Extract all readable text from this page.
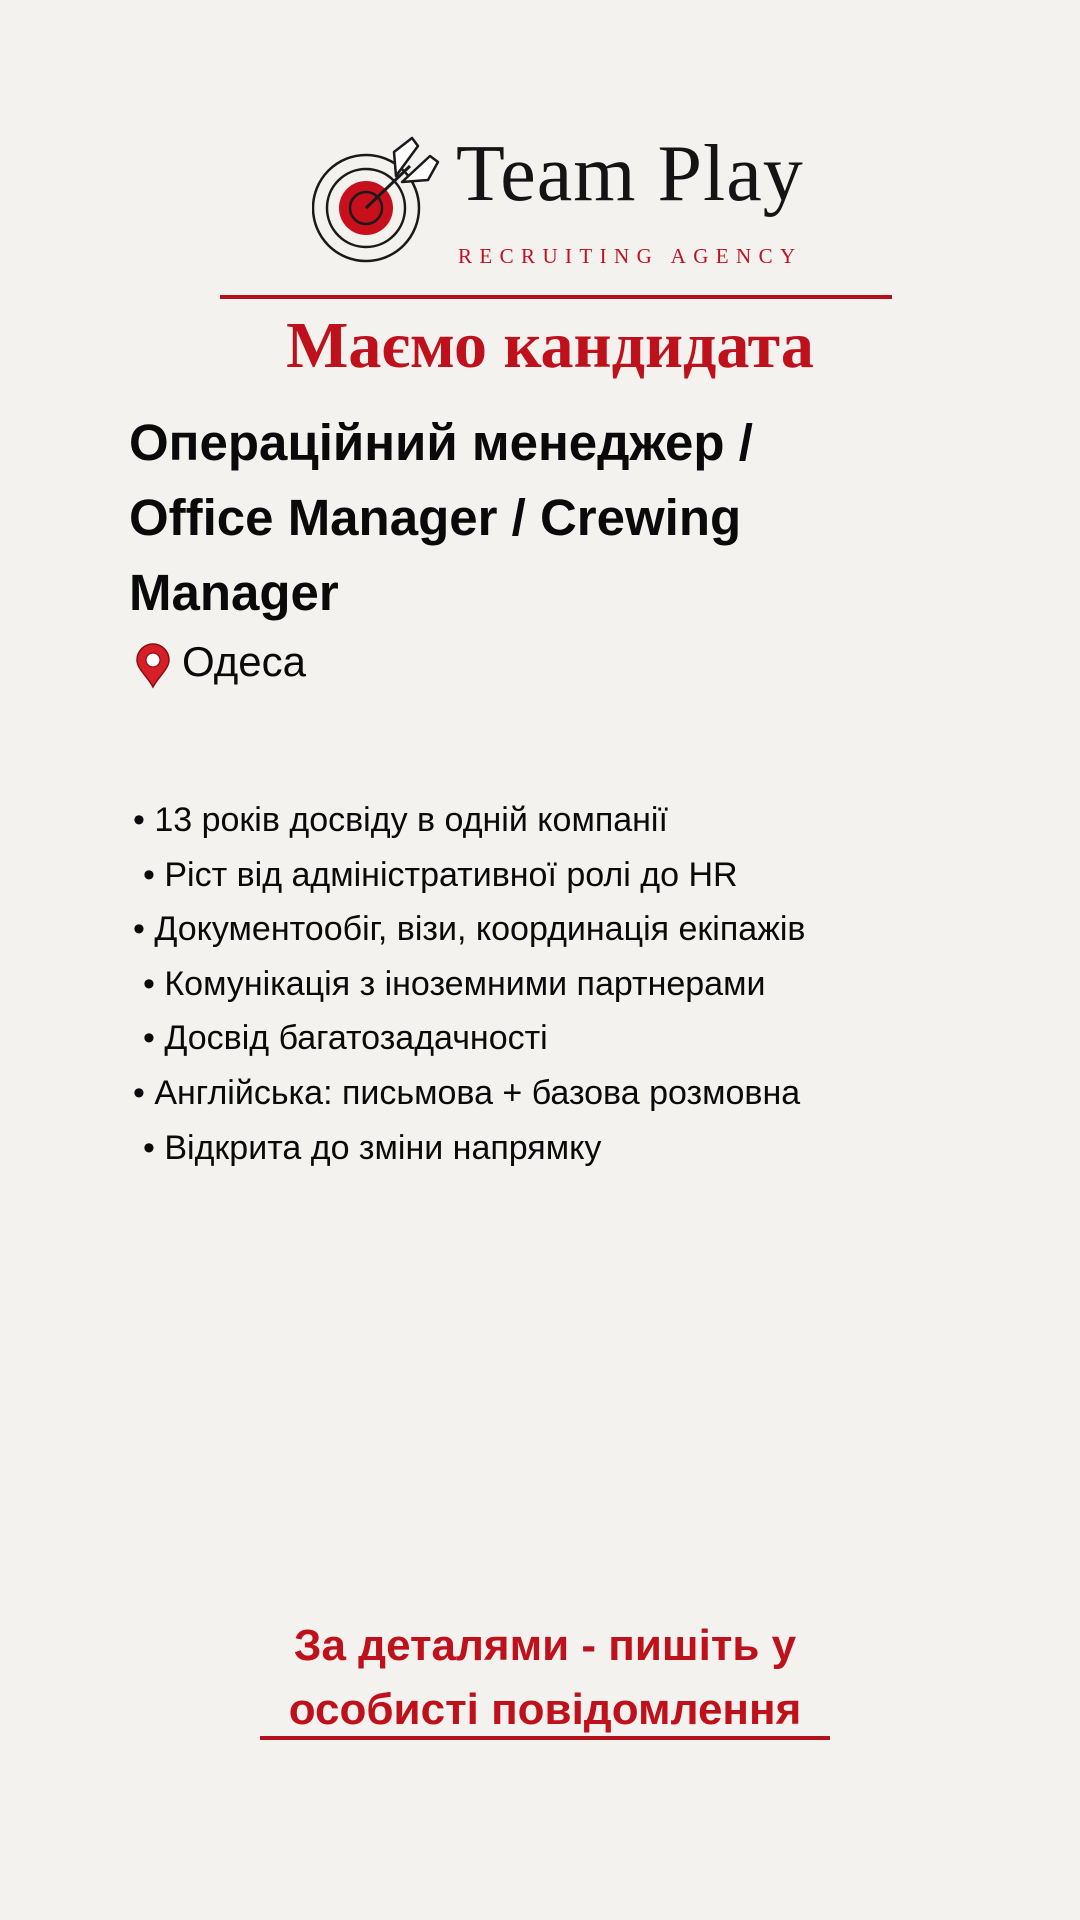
Team Play
RECRUITING AGENCY
Маємо кандидата
Операційний менеджер / Office Manager / Crewing Manager
Одеса
• 13 років досвіду в одній компанії
• Ріст від адміністративної ролі до HR
• Документообіг, візи, координація екіпажів
• Комунікація з іноземними партнерами
• Досвід багатозадачності
• Англійська: письмова + базова розмовна
• Відкрита до зміни напрямку
За деталями - пишіть у особисті повідомлення
